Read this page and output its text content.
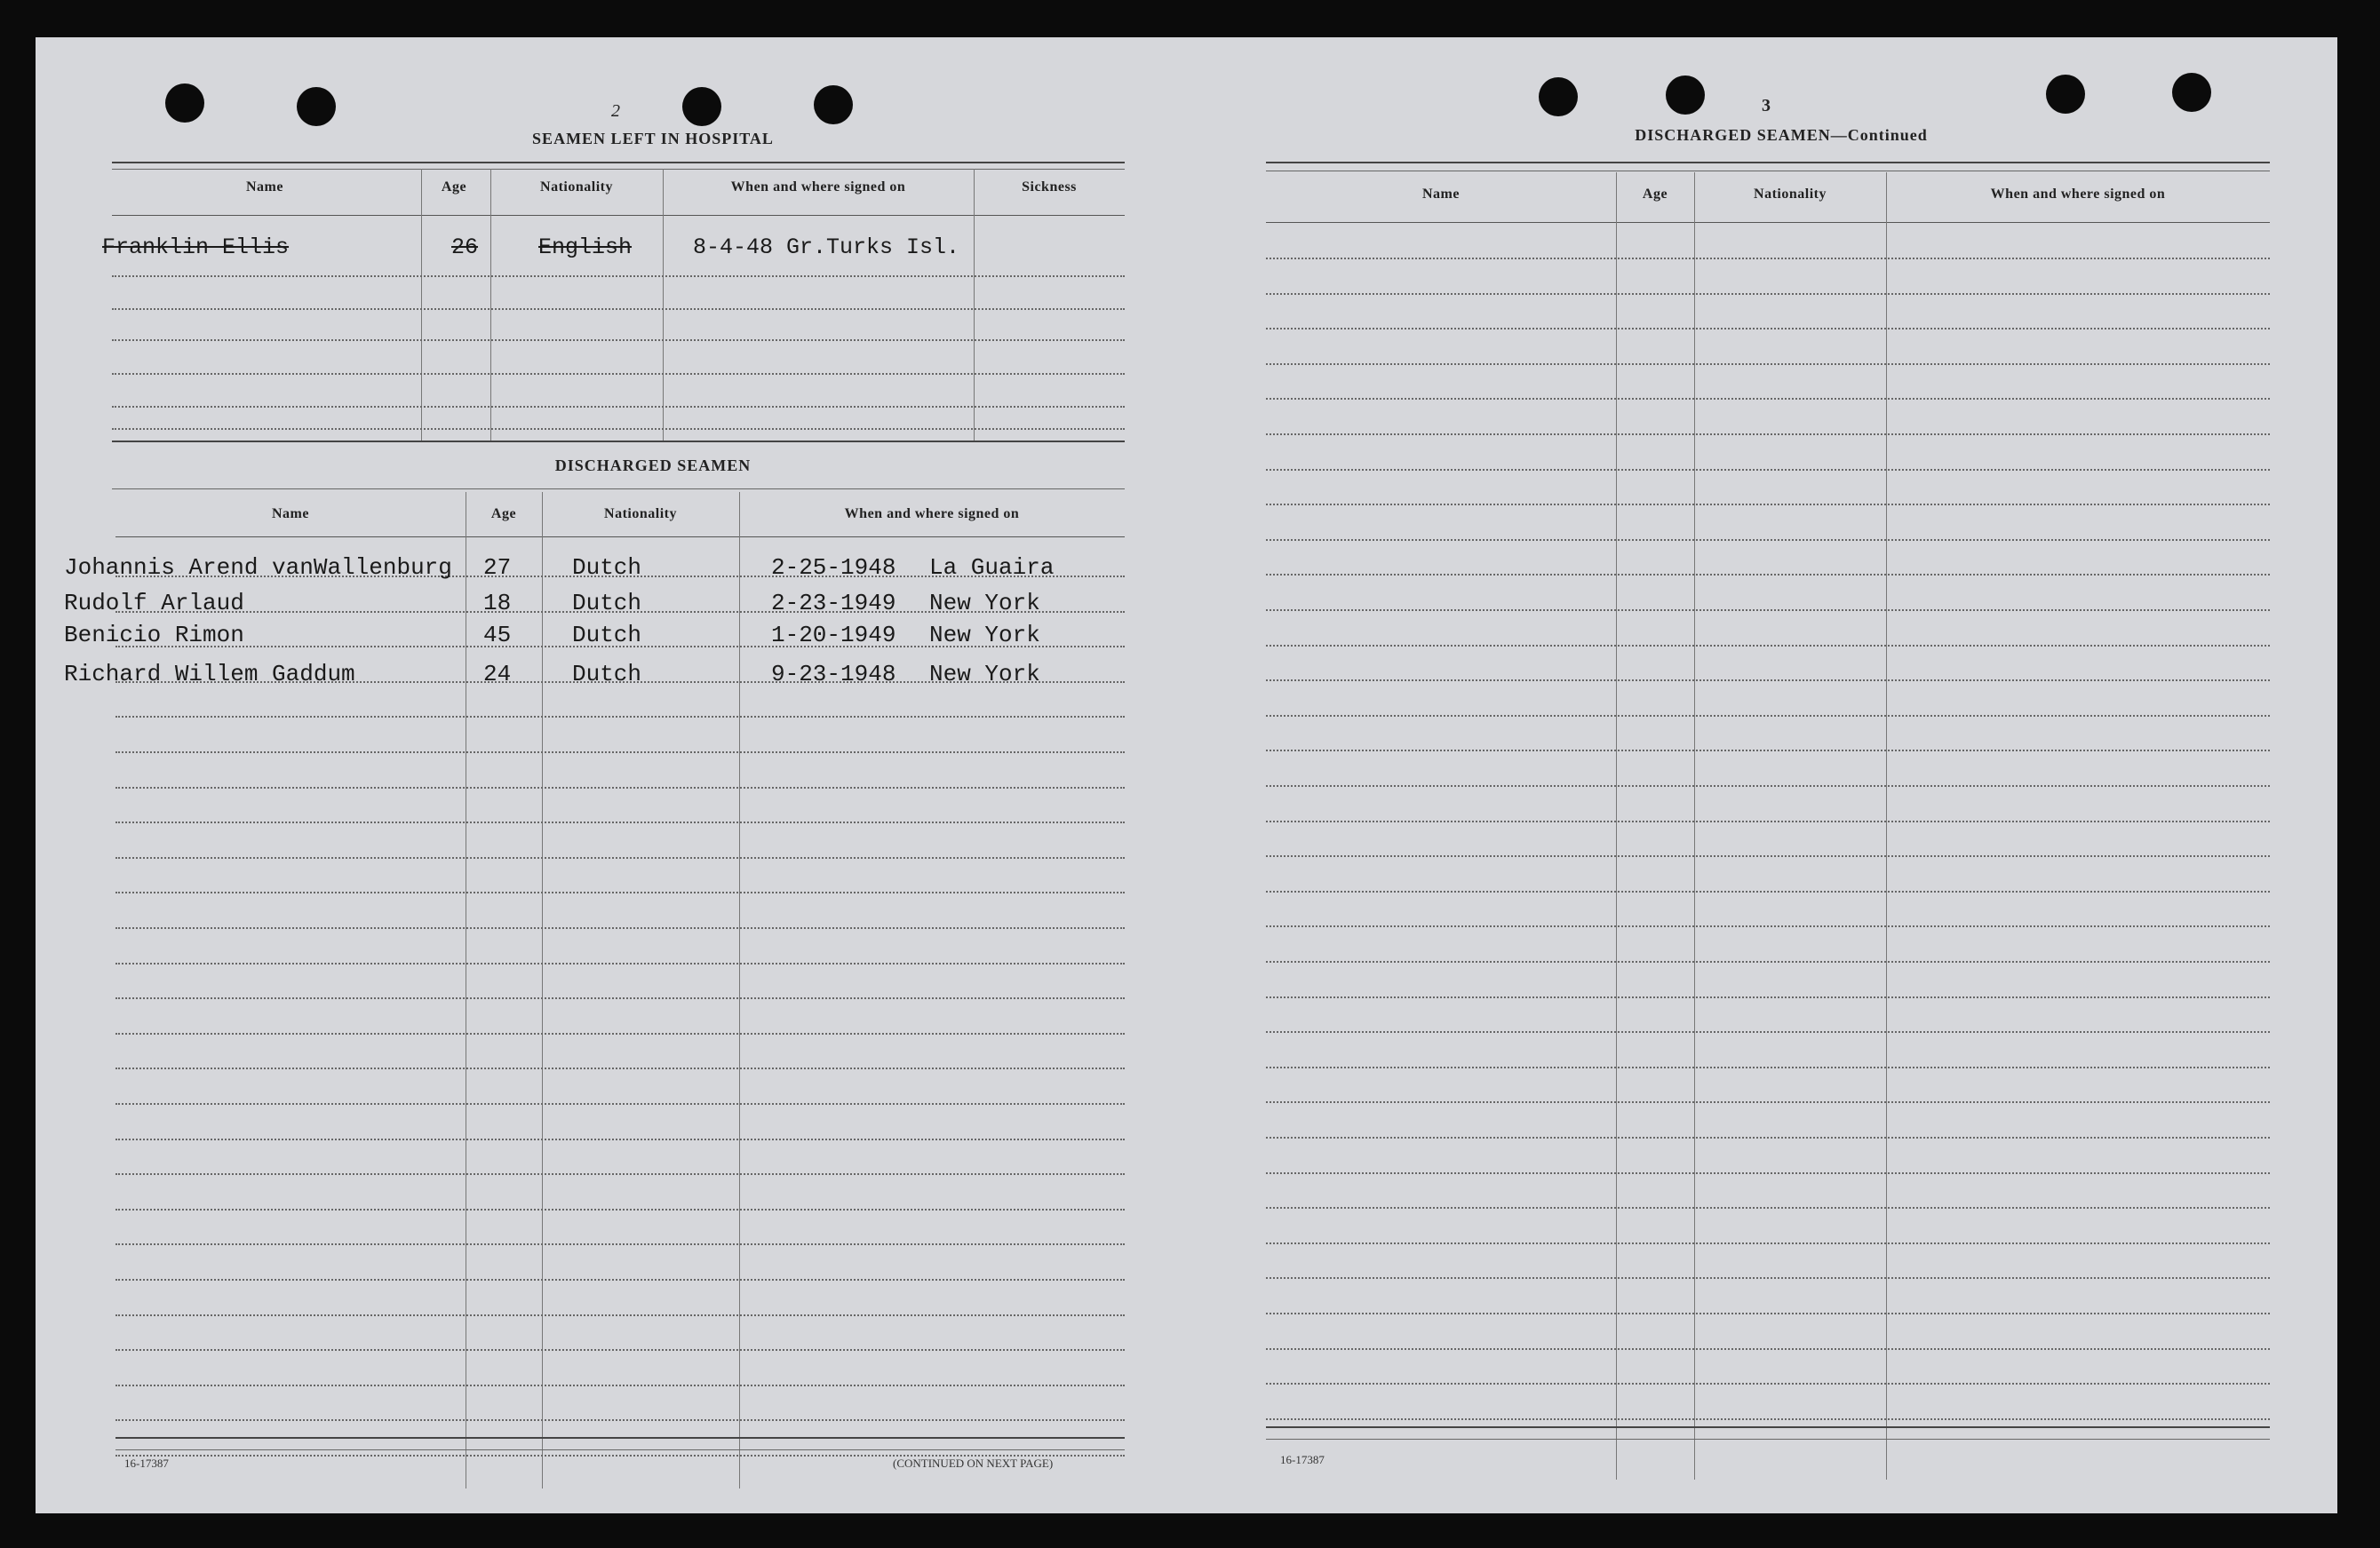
2
SEAMEN LEFT IN HOSPITAL
Name	Age	Nationality	When and where signed on	Sickness
Franklin Ellis	26	English	8-4-48 Gr.Turks Isl.
DISCHARGED SEAMEN
Name	Age	Nationality	When and where signed on
Johannis Arend vanWallenburg 27	Dutch	2-25-1948 La Guaira
Rudolf Arlaud	18	Dutch	2-23-1949 New York
Benicio Rimon	45	Dutch	1-20-1949 New York
Richard Willem Gaddum	24	Dutch	9-23-1948 New York
16-17387	(CONTINUED ON NEXT PAGE)
3
DISCHARGED SEAMEN—Continued
Name	Age	Nationality	When and where signed on
16-17387
